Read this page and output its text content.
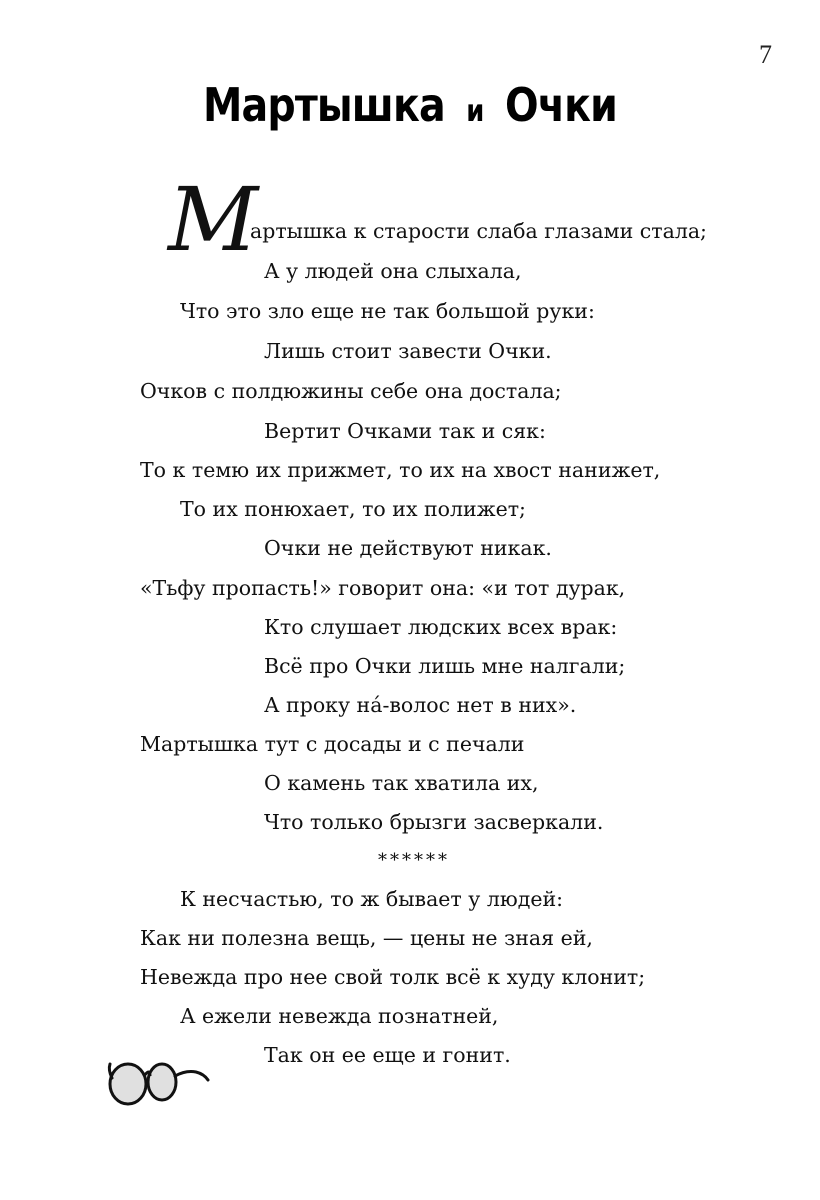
7
Мартышка и Очки
М
артышка к старости слаба глазами стала;
А у людей она слыхала,
Что это зло еще не так большой руки:
Лишь стоит завести Очки.
Очков с полдюжины себе она достала;
Вертит Очками так и сяк:
То к темю их прижмет, то их на хвост нанижет,
То их понюхает, то их полижет;
Очки не действуют никак.
«Тьфу пропасть!» говорит она: «и тот дурак,
Кто слушает людских всех врак:
Всё про Очки лишь мне налгали;
А проку нá-волос нет в них».
Мартышка тут с досады и с печали
О камень так хватила их,
Что только брызги засверкали.
******
К несчастью, то ж бывает у людей:
Как ни полезна вещь, — цены не зная ей,
Невежда про нее свой толк всё к худу клонит;
А ежели невежда познатней,
Так он ее еще и гонит.
